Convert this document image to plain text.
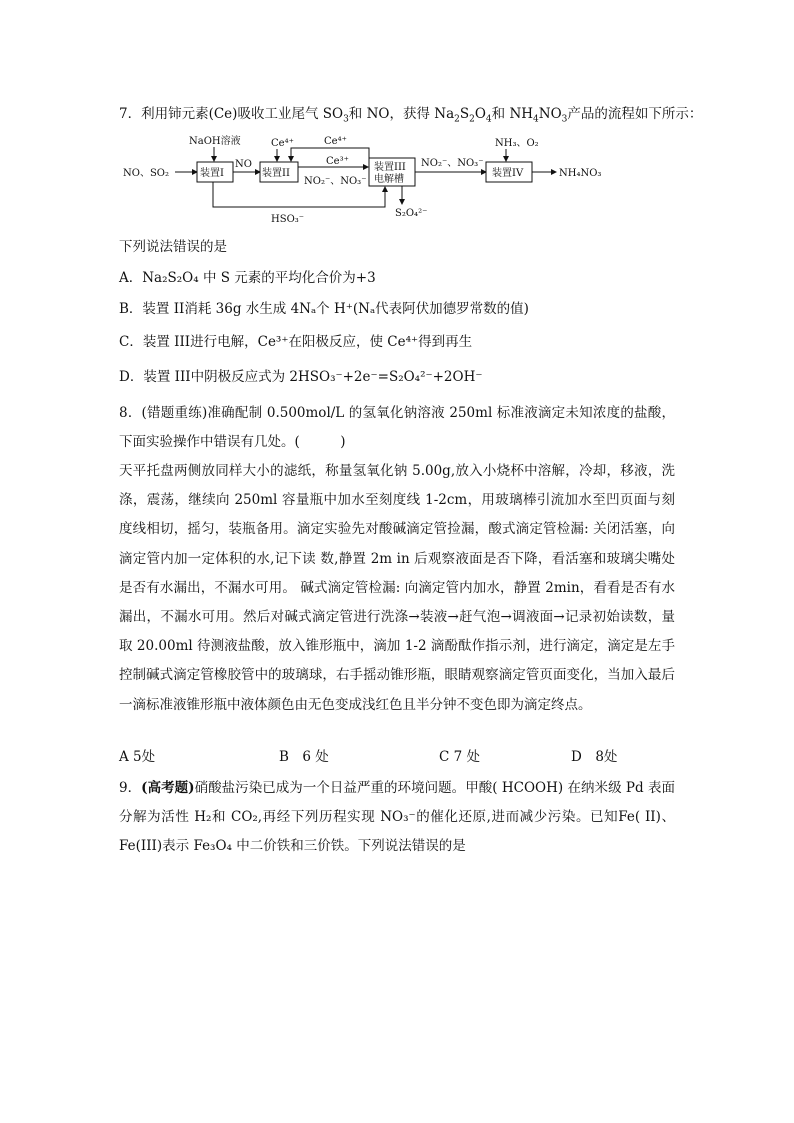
7．利用铈元素(Ce)吸收工业尾气 $SO_3$和 NO，获得 $Na_2S_2O_4$和 $NH_4NO_3$产品的流程如下所示：
NO、SO₂
NaOH溶液
装置I
NO
Ce⁴⁺
装置II
Ce⁴⁺
Ce³⁺
NO₂⁻、NO₃⁻
装置III
电解槽
NO₂⁻、NO₃⁻
NH₃、O₂
装置IV	NH₄NO₃
HSO₃⁻
S₂O₄²⁻
下列说法错误的是
A．Na₂S₂O₄ 中 S 元素的平均化合价为+3
B．装置 II消耗 36g 水生成 4Nₐ个 H⁺(Nₐ代表阿伏加德罗常数的值)
C．装置 III进行电解，Ce³⁺在阳极反应，使 Ce⁴⁺得到再生
D．装置 III中阴极反应式为 2HSO₃⁻+2e⁻=S₂O₄²⁻+2OH⁻
8．(错题重练)准确配制 0.500mol/L 的氢氧化钠溶液 250ml 标准液滴定未知浓度的盐酸，下面实验操作中错误有几处。(　　　)
天平托盘两侧放同样大小的滤纸，称量氢氧化钠 5.00g,放入小烧杯中溶解，冷却，移液，洗涤，震荡，继续向 250ml 容量瓶中加水至刻度线 1-2cm，用玻璃棒引流加水至凹页面与刻度线相切，摇匀，装瓶备用。滴定实验先对酸碱滴定管捡漏，酸式滴定管检漏: 关闭活塞，向滴定管内加一定体积的水,记下读 数,静置 2m in 后观察液面是否下降，看活塞和玻璃尖嘴处是否有水漏出，不漏水可用。 碱式滴定管检漏: 向滴定管内加水，静置 2min，看看是否有水漏出，不漏水可用。然后对碱式滴定管进行洗涤→装液→赶气泡→调液面→记录初始读数，量取 20.00ml 待测液盐酸，放入锥形瓶中，滴加 1-2 滴酚酞作指示剂，进行滴定，滴定是左手控制碱式滴定管橡胶管中的玻璃球，右手摇动锥形瓶，眼睛观察滴定管页面变化，当加入最后一滴标准液锥形瓶中液体颜色由无色变成浅红色且半分钟不变色即为滴定终点。
A 5处	B　6 处	C 7 处	D　8处
9．(高考题)硝酸盐污染已成为一个日益严重的环境问题。甲酸( HCOOH) 在纳米级 Pd 表面分解为活性 H₂和 CO₂,再经下列历程实现 NO₃⁻的催化还原,进而减少污染。已知Fe( II)、Fe(III)表示 Fe₃O₄ 中二价铁和三价铁。下列说法错误的是
